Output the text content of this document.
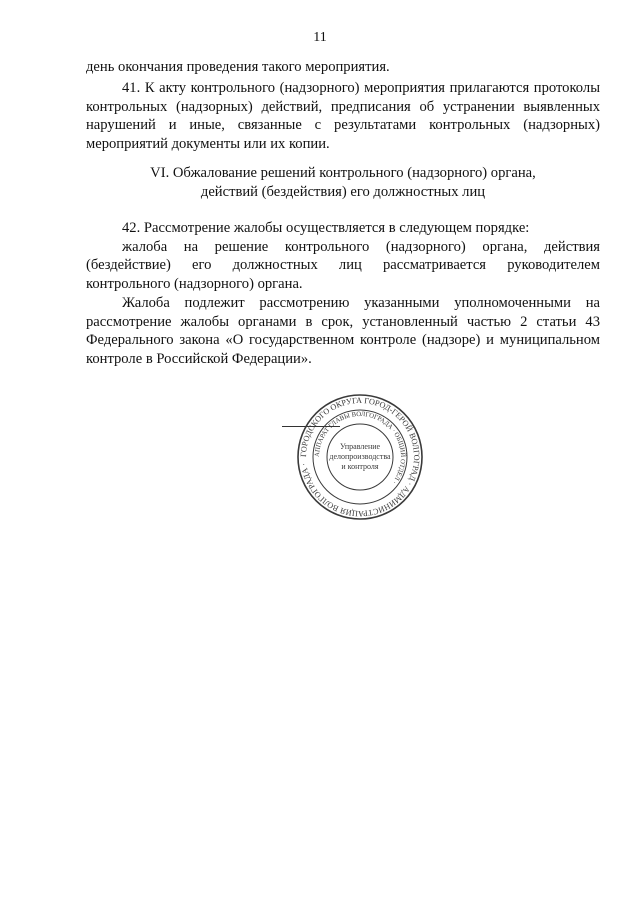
11

день окончания проведения такого мероприятия.

41. К акту контрольного (надзорного) мероприятия прилагаются протоколы контрольных (надзорных) действий, предписания об устранении выявленных нарушений и иные, связанные с результатами контрольных (надзорных) мероприятий документы или их копии.

VI. Обжалование решений контрольного (надзорного) органа,

действий (бездействия) его должностных лиц

42. Рассмотрение жалобы осуществляется в следующем порядке:

жалоба на решение контрольного (надзорного) органа, действия (бездействие) его должностных лиц рассматривается руководителем контрольного (надзорного) органа.

Жалоба подлежит рассмотрению указанными уполномоченными на рассмотрение жалобы органами в срок, установленный частью 2 статьи 43 Федерального закона «О государственном контроле (надзоре) и муниципальном контроле в Российской Федерации».

ГОРОДСКОГО ОКРУГА ГОРОД-ГЕРОЙ ВОЛГОГРАД · АДМИНИСТРАЦИЯ ВОЛГОГРАДА ·
АППАРАТ ГЛАВЫ ВОЛГОГРАДА · ОБЩИЙ ОТДЕЛ ·
Управление
делопроизводства
и контроля
